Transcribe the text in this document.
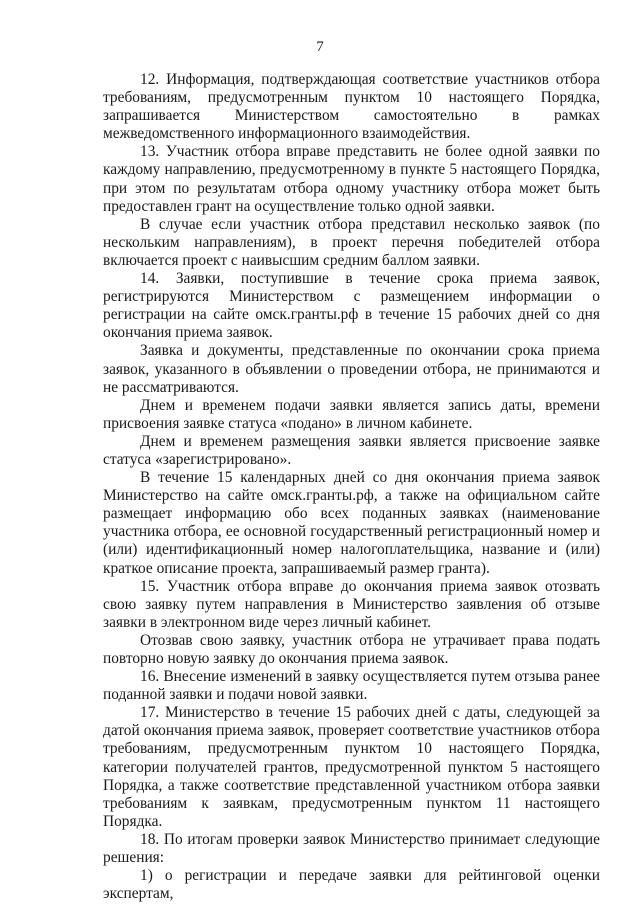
7

12. Информация, подтверждающая соответствие участников отбора требованиям, предусмотренным пунктом 10 настоящего Порядка, запрашивается Министерством самостоятельно в рамках межведомственного информационного взаимодействия.

13. Участник отбора вправе представить не более одной заявки по каждому направлению, предусмотренному в пункте 5 настоящего Порядка, при этом по результатам отбора одному участнику отбора может быть предоставлен грант на осуществление только одной заявки.

В случае если участник отбора представил несколько заявок (по нескольким направлениям), в проект перечня победителей отбора включается проект с наивысшим средним баллом заявки.

14. Заявки, поступившие в течение срока приема заявок, регистрируются Министерством с размещением информации о регистрации на сайте омск.гранты.рф в течение 15 рабочих дней со дня окончания приема заявок.

Заявка и документы, представленные по окончании срока приема заявок, указанного в объявлении о проведении отбора, не принимаются и не рассматриваются.

Днем и временем подачи заявки является запись даты, времени присвоения заявке статуса «подано» в личном кабинете.

Днем и временем размещения заявки является присвоение заявке статуса «зарегистрировано».

В течение 15 календарных дней со дня окончания приема заявок Министерство на сайте омск.гранты.рф, а также на официальном сайте размещает информацию обо всех поданных заявках (наименование участника отбора, ее основной государственный регистрационный номер и (или) идентификационный номер налогоплательщика, название и (или) краткое описание проекта, запрашиваемый размер гранта).

15. Участник отбора вправе до окончания приема заявок отозвать свою заявку путем направления в Министерство заявления об отзыве заявки в электронном виде через личный кабинет.

Отозвав свою заявку, участник отбора не утрачивает права подать повторно новую заявку до окончания приема заявок.

16. Внесение изменений в заявку осуществляется путем отзыва ранее поданной заявки и подачи новой заявки.

17. Министерство в течение 15 рабочих дней с даты, следующей за датой окончания приема заявок, проверяет соответствие участников отбора требованиям, предусмотренным пунктом 10 настоящего Порядка, категории получателей грантов, предусмотренной пунктом 5 настоящего Порядка, а также соответствие представленной участником отбора заявки требованиям к заявкам, предусмотренным пунктом 11 настоящего Порядка.

18. По итогам проверки заявок Министерство принимает следующие решения:

1) о регистрации и передаче заявки для рейтинговой оценки экспертам,
